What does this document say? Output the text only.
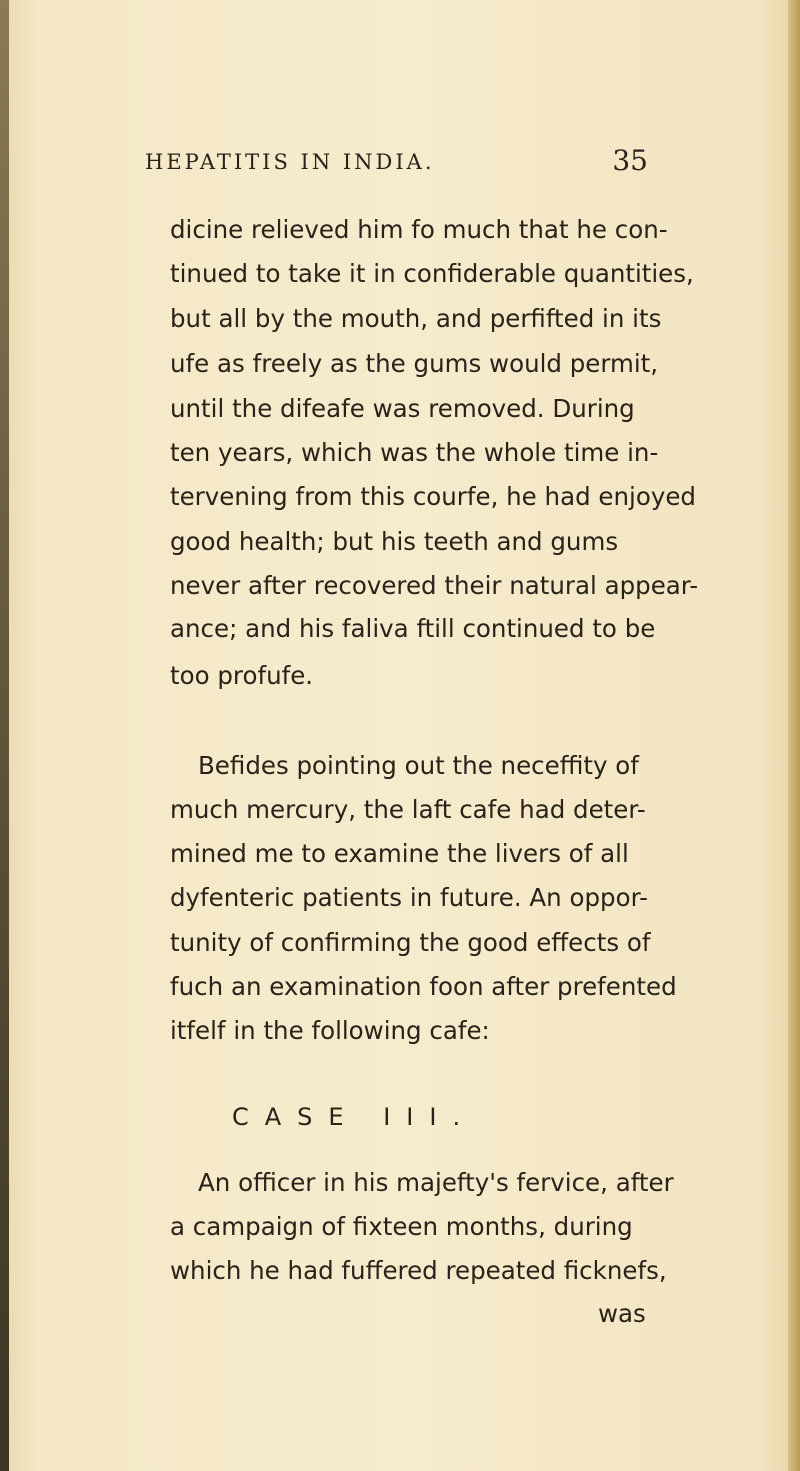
HEPATITIS IN INDIA.	35
dicine relieved him fo much that he con-
tinued to take it in confiderable quantities,
but all by the mouth, and perfifted in its
ufe as freely as the gums would permit,
until the difeafe was removed. During
ten years, which was the whole time in-
tervening from this courfe, he had enjoyed
good health; but his teeth and gums
never after recovered their natural appear-
ance; and his faliva ftill continued to be
too profufe.
Befides pointing out the neceffity of
much mercury, the laft cafe had deter-
mined me to examine the livers of all
dyfenteric patients in future. An oppor-
tunity of confirming the good effects of
fuch an examination foon after prefented
itfelf in the following cafe:
CASE III.
An officer in his majefty's fervice, after
a campaign of fixteen months, during
which he had fuffered repeated ficknefs,
was
